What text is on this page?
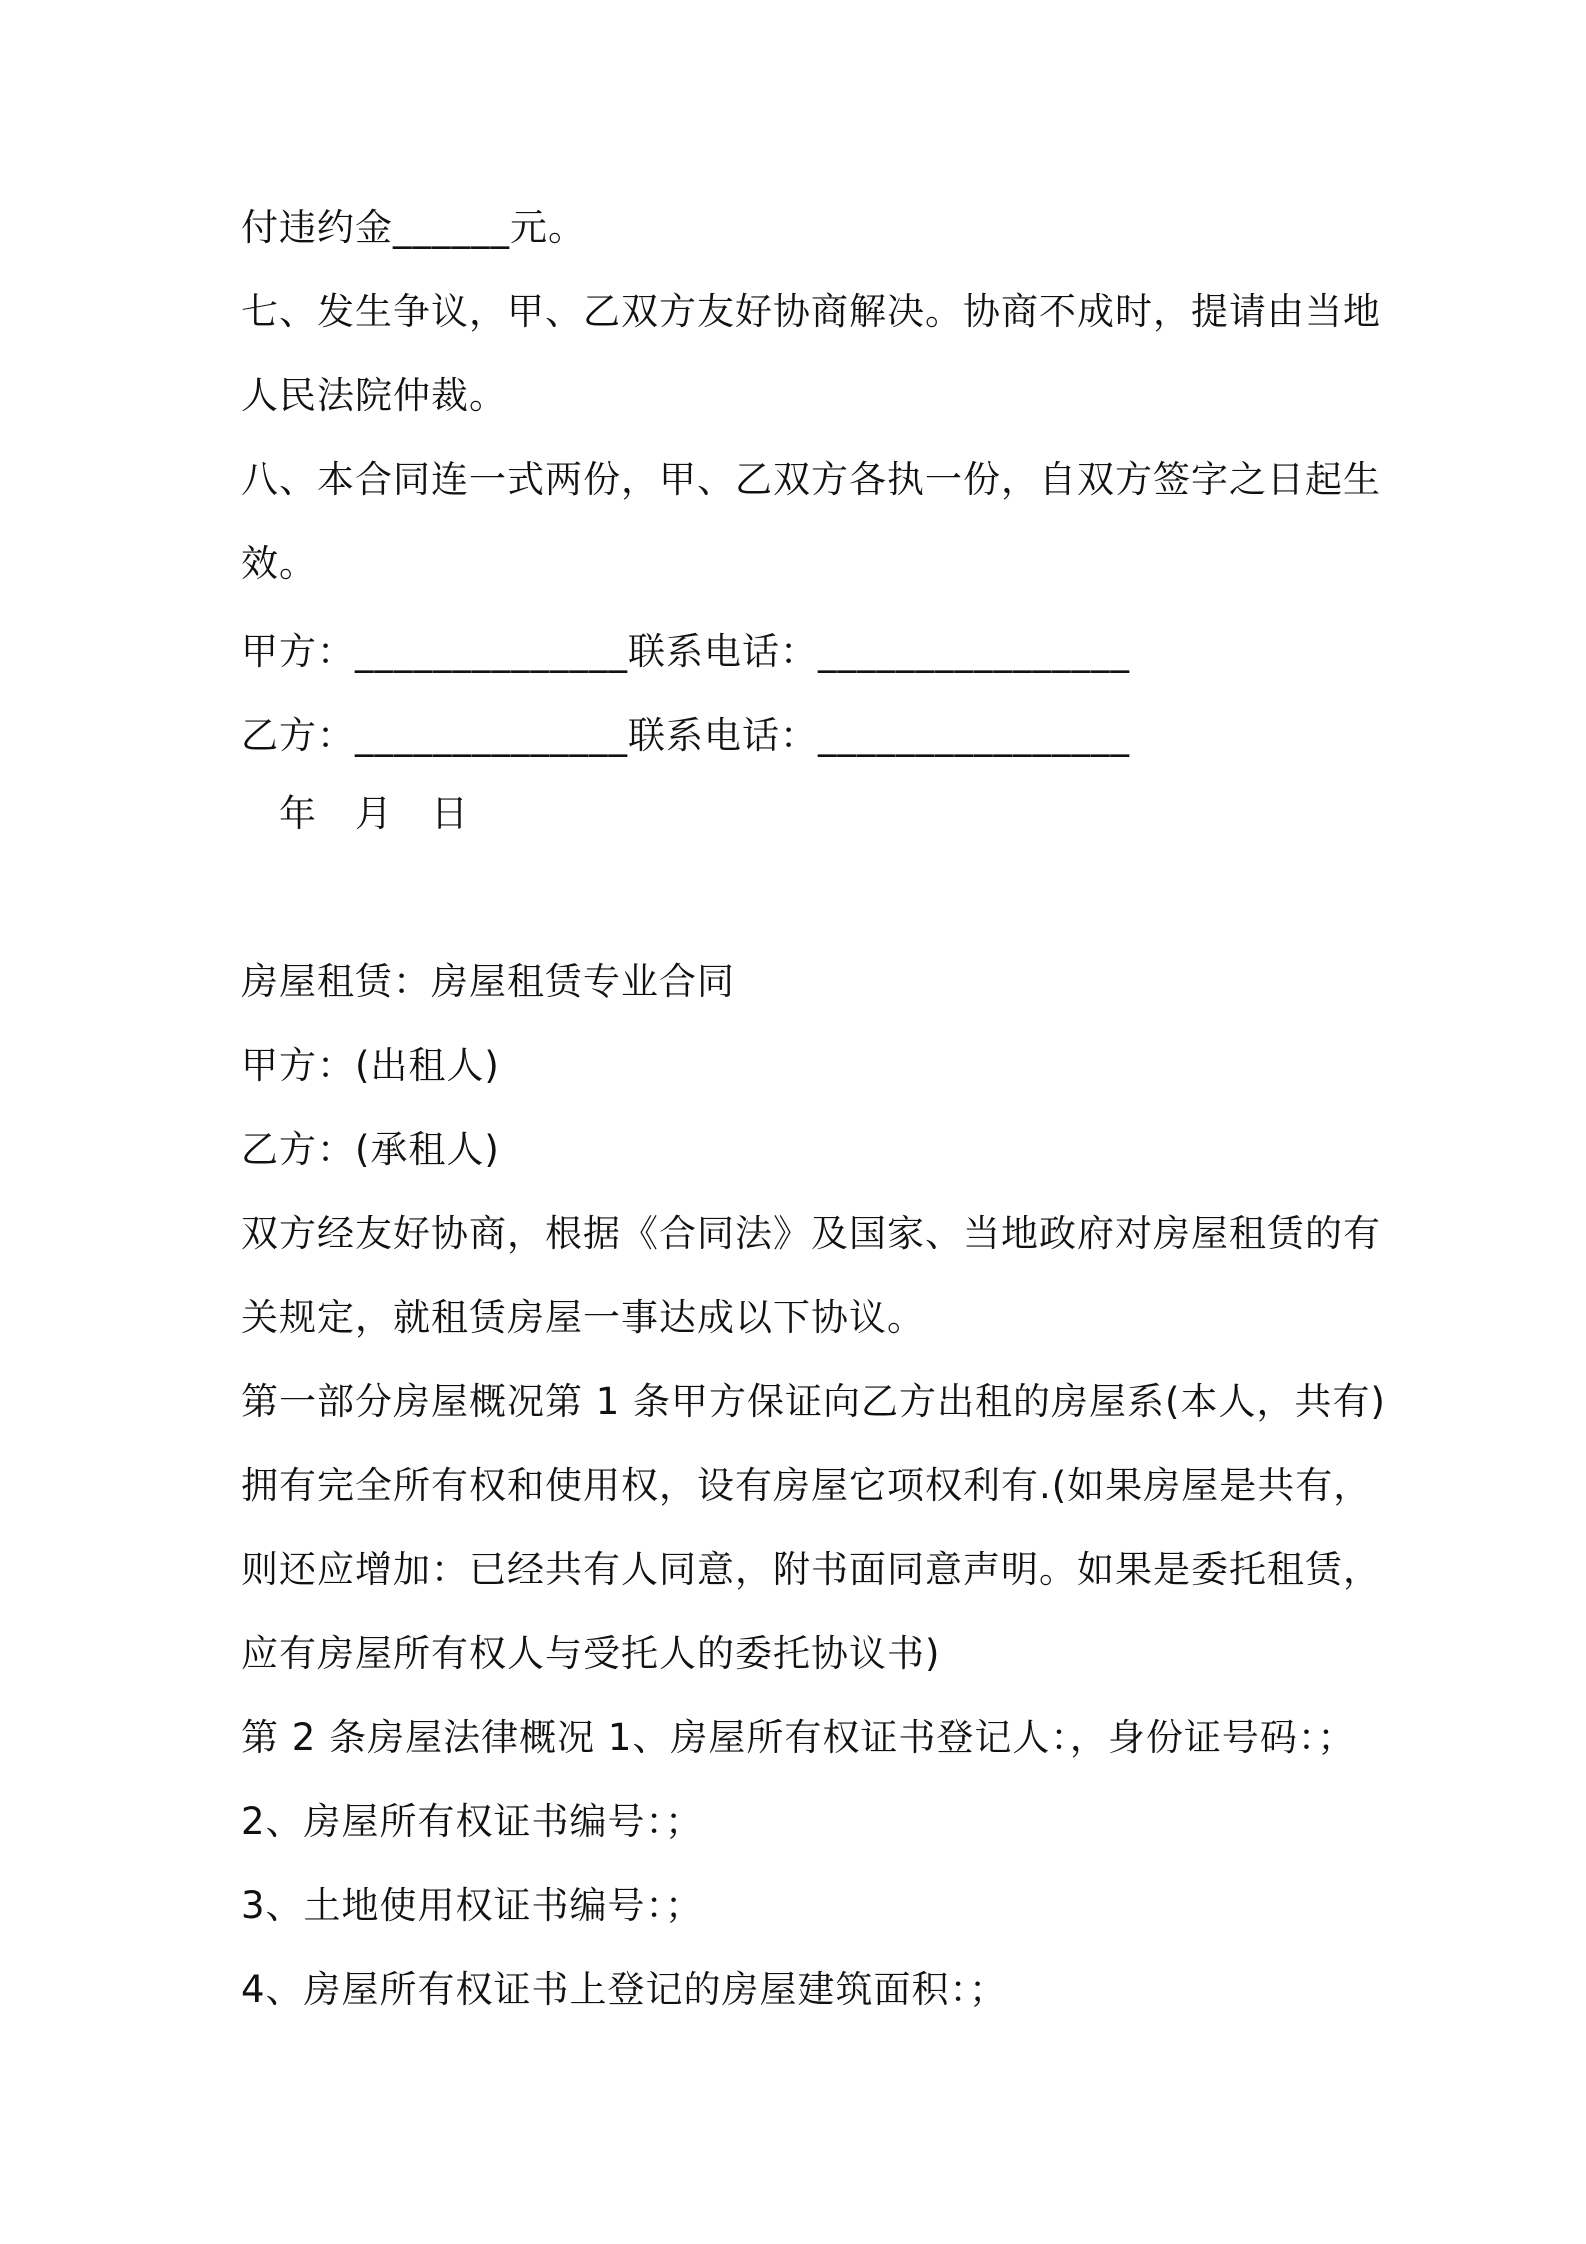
付违约金______元。
七、发生争议，甲、乙双方友好协商解决。协商不成时，提请由当地
人民法院仲裁。
八、本合同连一式两份，甲、乙双方各执一份，自双方签字之日起生
效。
甲方：______________联系电话：________________
乙方：______________联系电话：________________
　年　月　日
房屋租赁：房屋租赁专业合同
甲方：(出租人)
乙方：(承租人)
双方经友好协商，根据《合同法》及国家、当地政府对房屋租赁的有
关规定，就租赁房屋一事达成以下协议。
第一部分房屋概况第 1 条甲方保证向乙方出租的房屋系(本人，共有)
拥有完全所有权和使用权，设有房屋它项权利有.(如果房屋是共有，
则还应增加：已经共有人同意，附书面同意声明。如果是委托租赁，
应有房屋所有权人与受托人的委托协议书)
第 2 条房屋法律概况 1、房屋所有权证书登记人：，身份证号码：；
2、房屋所有权证书编号：；
3、土地使用权证书编号：；
4、房屋所有权证书上登记的房屋建筑面积：；
